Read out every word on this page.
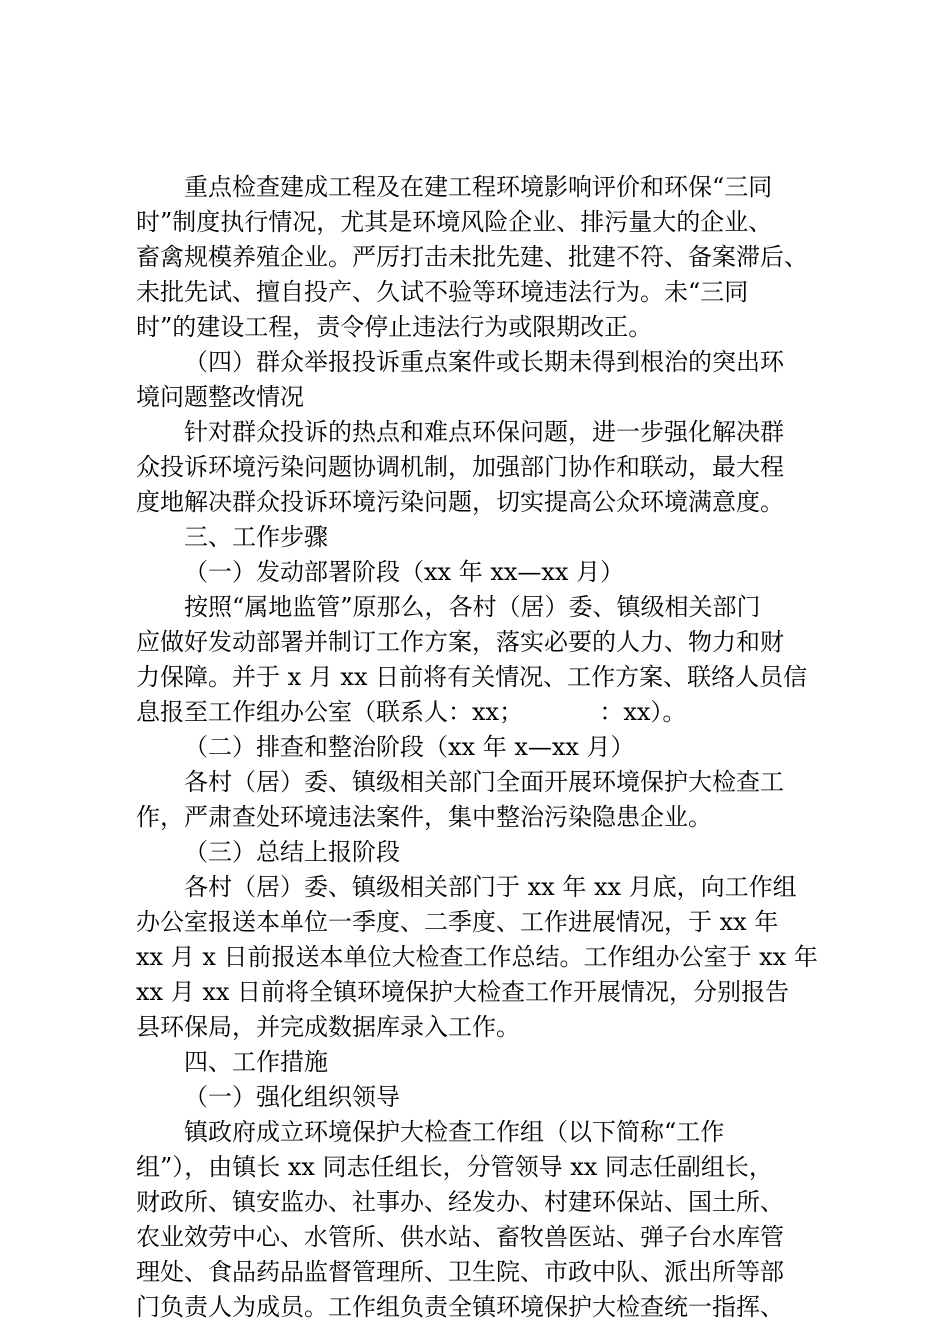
重点检查建成工程及在建工程环境影响评价和环保“三同
时”制度执行情况，尤其是环境风险企业、排污量大的企业、
畜禽规模养殖企业。严厉打击未批先建、批建不符、备案滞后、
未批先试、擅自投产、久试不验等环境违法行为。未“三同
时”的建设工程，责令停止违法行为或限期改正。
（四）群众举报投诉重点案件或长期未得到根治的突出环
境问题整改情况
针对群众投诉的热点和难点环保问题，进一步强化解决群
众投诉环境污染问题协调机制，加强部门协作和联动，最大程
度地解决群众投诉环境污染问题，切实提高公众环境满意度。
三、工作步骤
（一）发动部署阶段（xx 年 xx—xx 月）
按照“属地监管”原那么，各村（居）委、镇级相关部门
应做好发动部署并制订工作方案，落实必要的人力、物力和财
力保障。并于 x 月 xx 日前将有关情况、工作方案、联络人员信
息报至工作组办公室（联系人：xx；          ：xx）。
（二）排查和整治阶段（xx 年 x—xx 月）
各村（居）委、镇级相关部门全面开展环境保护大检查工
作，严肃查处环境违法案件，集中整治污染隐患企业。
（三）总结上报阶段
各村（居）委、镇级相关部门于 xx 年 xx 月底，向工作组
办公室报送本单位一季度、二季度、工作进展情况，于 xx 年
xx 月 x 日前报送本单位大检查工作总结。工作组办公室于 xx 年
xx 月 xx 日前将全镇环境保护大检查工作开展情况，分别报告
县环保局，并完成数据库录入工作。
四、工作措施
（一）强化组织领导
镇政府成立环境保护大检查工作组（以下简称“工作
组”），由镇长 xx 同志任组长，分管领导 xx 同志任副组长，
财政所、镇安监办、社事办、经发办、村建环保站、国土所、
农业效劳中心、水管所、供水站、畜牧兽医站、弹子台水库管
理处、食品药品监督管理所、卫生院、市政中队、派出所等部
门负责人为成员。工作组负责全镇环境保护大检查统一指挥、
